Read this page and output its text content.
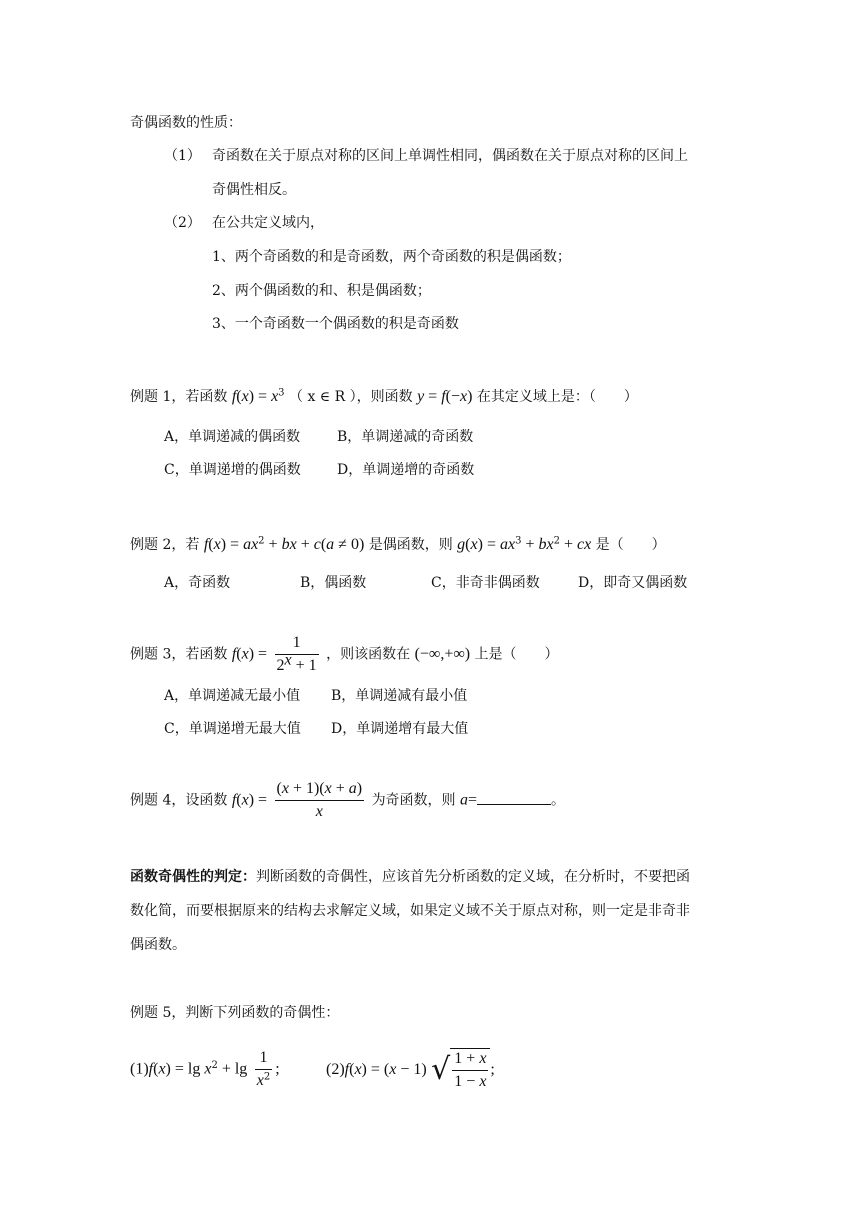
奇偶函数的性质：
（1） 奇函数在关于原点对称的区间上单调性相同，偶函数在关于原点对称的区间上
奇偶性相反。
（2） 在公共定义域内，
1、两个奇函数的和是奇函数，两个奇函数的积是偶函数；
2、两个偶函数的和、积是偶函数；
3、一个奇函数一个偶函数的积是奇函数
例题 1，若函数 $f(x) = x^3$ （ x ∈ R ），则函数 y = f(−x) 在其定义域上是：（　　）
A，单调递减的偶函数	B，单调递减的奇函数
C，单调递增的偶函数	D，单调递增的奇函数
例题 2，若 $f(x) = ax^2$ + bx + c(a ≠ 0) 是偶函数，则 $g(x) = ax^3 + bx^2$ + cx 是（　　）
A，奇函数	B，偶函数	C，非奇非偶函数	D，即奇又偶函数
例题 3，若函数 $f(x) = \frac{1}{2^x + 1}$ ，则该函数在 (−∞,+∞) 上是（　　）
A，单调递减无最小值 B，单调递减有最小值
C，单调递增无最大值 D，单调递增有最大值
例题 4，设函数 $f(x) = \frac{(x + 1)(x + a)}{x}$ 为奇函数，则 a=	。
函数奇偶性的判定：判断函数的奇偶性，应该首先分析函数的定义域，在分析时，不要把函
数化简，而要根据原来的结构去求解定义域，如果定义域不关于原点对称，则一定是非奇非
偶函数。
例题 5，判断下列函数的奇偶性：
$(1)f(x) = \lg x^2 + \lg \frac{1}{x^2}$ ;	(2)f(x) = (x − 1) √ $\frac{1 + x}{1 - x}$ ;
